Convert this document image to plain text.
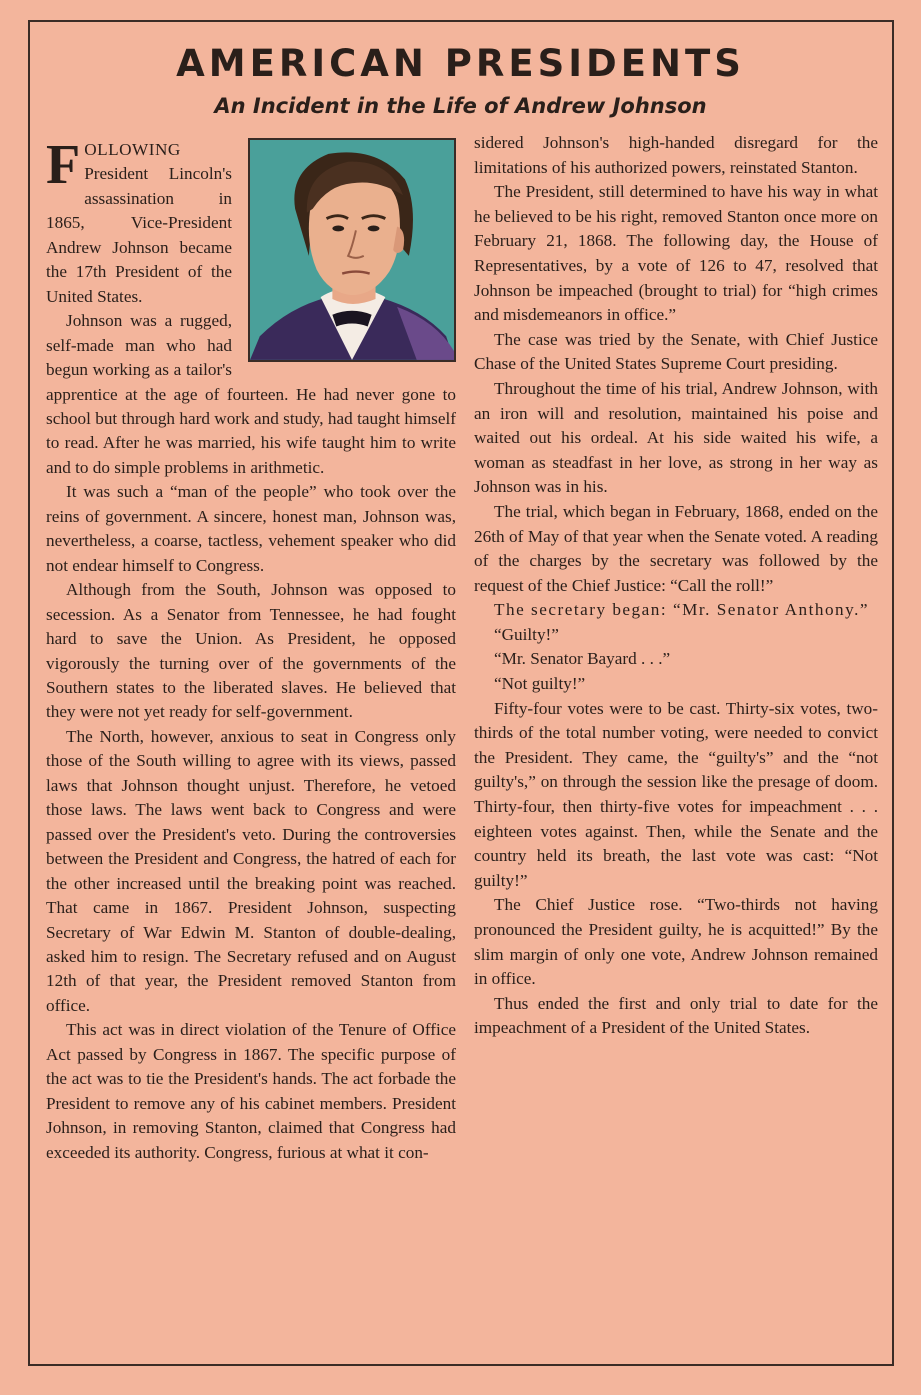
AMERICAN PRESIDENTS
An Incident in the Life of Andrew Johnson

FOLLOWING President Lincoln's assassination in 1865, Vice-President Andrew Johnson became the 17th President of the United States.

Johnson was a rugged, self-made man who had begun working as a tailor's apprentice at the age of fourteen. He had never gone to school but through hard work and study, had taught himself to read. After he was married, his wife taught him to write and to do simple problems in arithmetic.

It was such a “man of the people” who took over the reins of government. A sincere, honest man, Johnson was, nevertheless, a coarse, tactless, vehement speaker who did not endear himself to Congress.

Although from the South, Johnson was opposed to secession. As a Senator from Tennessee, he had fought hard to save the Union. As President, he opposed vigorously the turning over of the governments of the Southern states to the liberated slaves. He believed that they were not yet ready for self-government.

The North, however, anxious to seat in Congress only those of the South willing to agree with its views, passed laws that Johnson thought unjust. Therefore, he vetoed those laws. The laws went back to Congress and were passed over the President's veto. During the controversies between the President and Congress, the hatred of each for the other increased until the breaking point was reached. That came in 1867. President Johnson, suspecting Secretary of War Edwin M. Stanton of double-dealing, asked him to resign. The Secretary refused and on August 12th of that year, the President removed Stanton from office.

This act was in direct violation of the Tenure of Office Act passed by Congress in 1867. The specific purpose of the act was to tie the President's hands. The act forbade the President to remove any of his cabinet members. President Johnson, in removing Stanton, claimed that Congress had exceeded its authority. Congress, furious at what it con-

sidered Johnson's high-handed disregard for the limitations of his authorized powers, reinstated Stanton.

The President, still determined to have his way in what he believed to be his right, removed Stanton once more on February 21, 1868. The following day, the House of Representatives, by a vote of 126 to 47, resolved that Johnson be impeached (brought to trial) for “high crimes and misdemeanors in office.”

The case was tried by the Senate, with Chief Justice Chase of the United States Supreme Court presiding.

Throughout the time of his trial, Andrew Johnson, with an iron will and resolution, maintained his poise and waited out his ordeal. At his side waited his wife, a woman as steadfast in her love, as strong in her way as Johnson was in his.

The trial, which began in February, 1868, ended on the 26th of May of that year when the Senate voted. A reading of the charges by the secretary was followed by the request of the Chief Justice: “Call the roll!”

The secretary began: “Mr. Senator Anthony.”

“Guilty!”

“Mr. Senator Bayard . . .”

“Not guilty!”

Fifty-four votes were to be cast. Thirty-six votes, two-thirds of the total number voting, were needed to convict the President. They came, the “guilty's” and the “not guilty's,” on through the session like the presage of doom. Thirty-four, then thirty-five votes for impeachment . . . eighteen votes against. Then, while the Senate and the country held its breath, the last vote was cast: “Not guilty!”

The Chief Justice rose. “Two-thirds not having pronounced the President guilty, he is acquitted!” By the slim margin of only one vote, Andrew Johnson remained in office.

Thus ended the first and only trial to date for the impeachment of a President of the United States.
